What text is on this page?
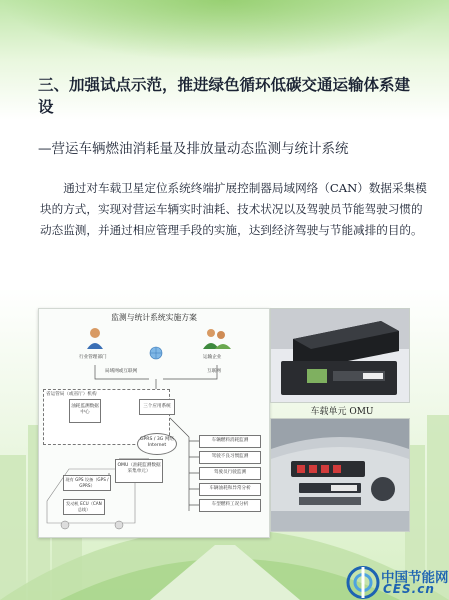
三、加强试点示范，推进绿色循环低碳交通运输体系建设
—营运车辆燃油消耗量及排放量动态监测与统计系统
通过对车载卫星定位系统终端扩展控制器局域网络（CAN）数据采集模块的方式，实现对营运车辆实时油耗、技术状况以及驾驶员节能驾驶习惯的动态监测，并通过相应管理手段的实施，达到经济驾驶与节能减排的目的。
监测与统计系统实施方案
行业管理部门	运输企业
局域网或互联网	互联网
省运管局（或省厅）机构
油耗监测数据中心
三个应用系统
GPRS / 3G 网络
Internet
现有 GPS 设备（GPS / GPRS）
OMU（油耗监测数据采集单元）
发动机 ECU（CAN 总线）
车辆燃料消耗监测
驾驶不良习惯监测
驾驶员行驶监测
车辆油耗和异常分析
车型燃料工况分析
车载单元 OMU
中国节能网
CES.cn
